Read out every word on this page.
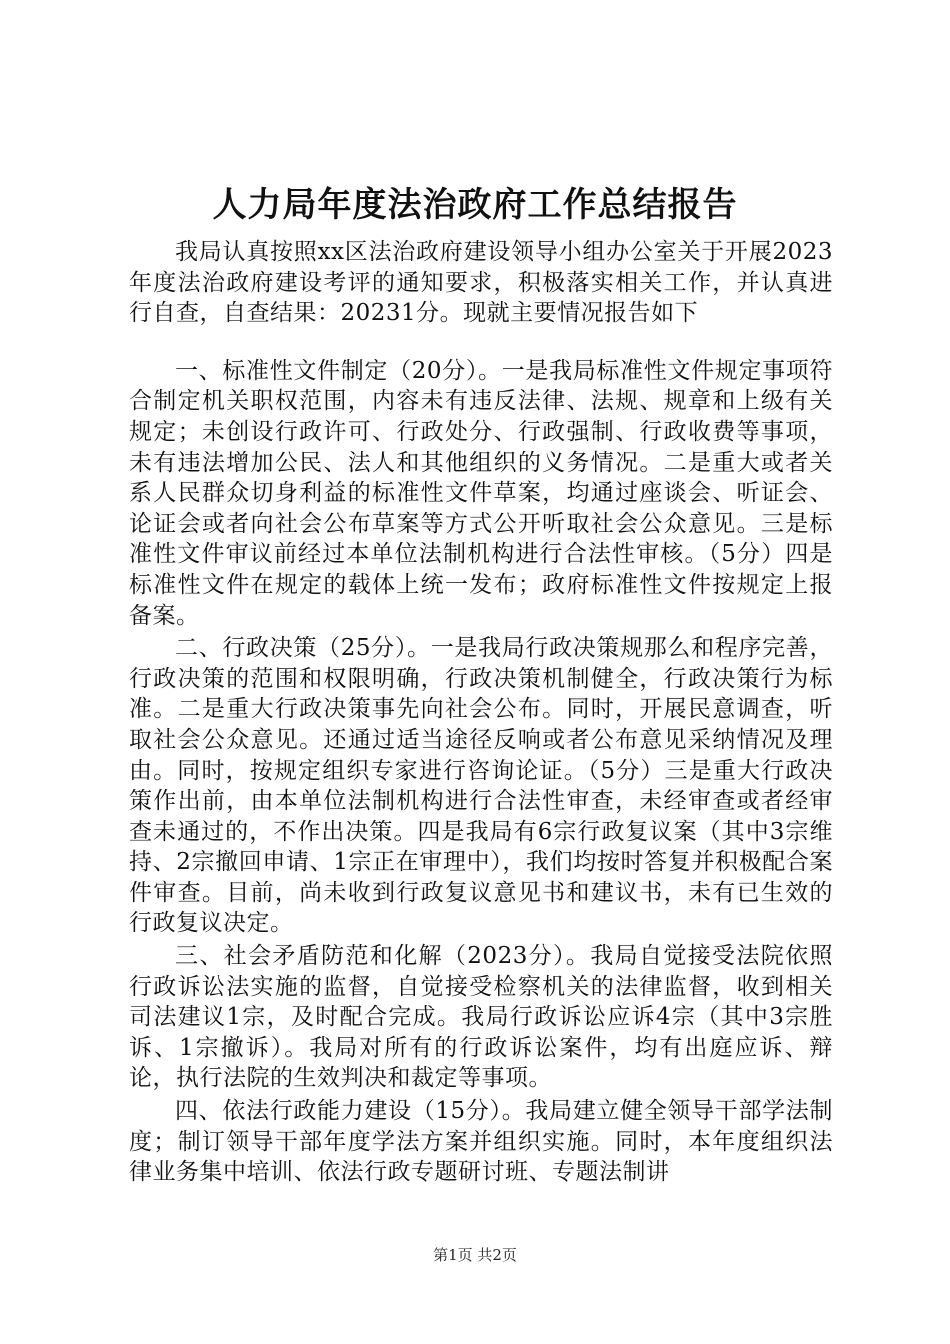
人力局年度法治政府工作总结报告

我局认真按照xx区法治政府建设领导小组办公室关于开展2023年度法治政府建设考评的通知要求，积极落实相关工作，并认真进行自查，自查结果：20231分。现就主要情况报告如下

一、标准性文件制定（20分）。一是我局标准性文件规定事项符合制定机关职权范围，内容未有违反法律、法规、规章和上级有关规定；未创设行政许可、行政处分、行政强制、行政收费等事项，未有违法增加公民、法人和其他组织的义务情况。二是重大或者关系人民群众切身利益的标准性文件草案，均通过座谈会、听证会、论证会或者向社会公布草案等方式公开听取社会公众意见。三是标准性文件审议前经过本单位法制机构进行合法性审核。（5分）四是标准性文件在规定的载体上统一发布；政府标准性文件按规定上报备案。

二、行政决策（25分）。一是我局行政决策规那么和程序完善，行政决策的范围和权限明确，行政决策机制健全，行政决策行为标准。二是重大行政决策事先向社会公布。同时，开展民意调查，听取社会公众意见。还通过适当途径反响或者公布意见采纳情况及理由。同时，按规定组织专家进行咨询论证。（5分）三是重大行政决策作出前，由本单位法制机构进行合法性审查，未经审查或者经审查未通过的，不作出决策。四是我局有6宗行政复议案（其中3宗维持、2宗撤回申请、1宗正在审理中），我们均按时答复并积极配合案件审查。目前，尚未收到行政复议意见书和建议书，未有已生效的行政复议决定。

三、社会矛盾防范和化解（2023分）。我局自觉接受法院依照行政诉讼法实施的监督，自觉接受检察机关的法律监督，收到相关司法建议1宗，及时配合完成。我局行政诉讼应诉4宗（其中3宗胜诉、1宗撤诉）。我局对所有的行政诉讼案件，均有出庭应诉、辩论，执行法院的生效判决和裁定等事项。

四、依法行政能力建设（15分）。我局建立健全领导干部学法制度；制订领导干部年度学法方案并组织实施。同时，本年度组织法律业务集中培训、依法行政专题研讨班、专题法制讲

第1页 共2页
